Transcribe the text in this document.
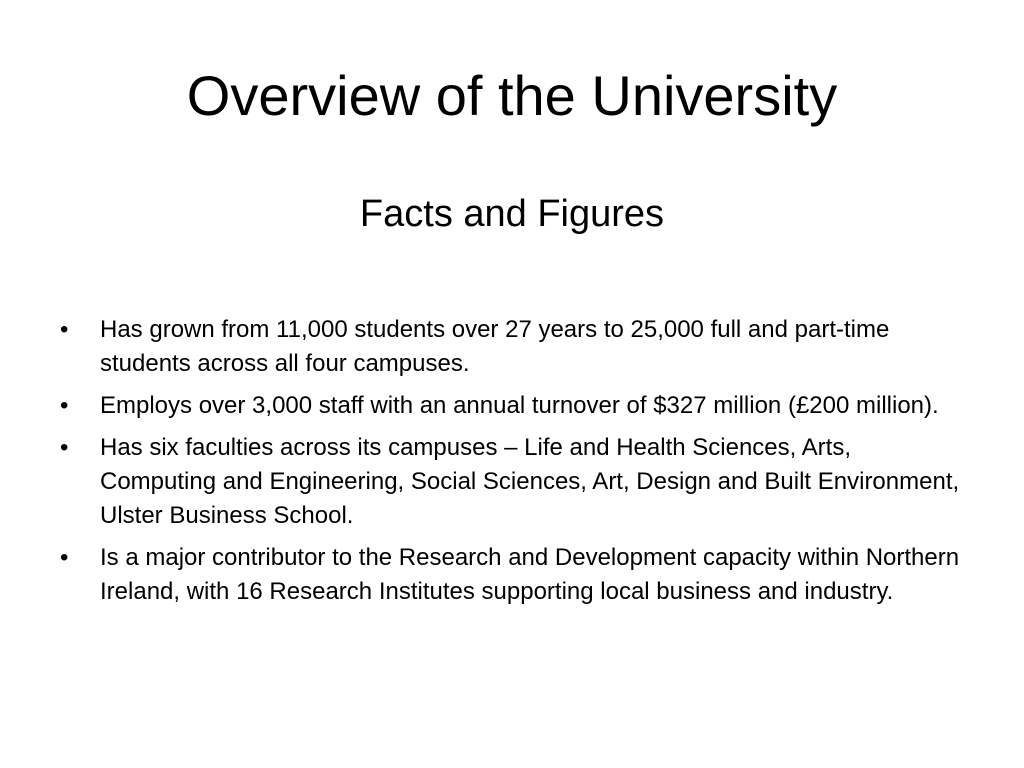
Overview of the University
Facts and Figures
•	Has grown from 11,000 students over 27 years to 25,000 full and part-time students across all four campuses.
•	Employs over 3,000 staff with an annual turnover of $327 million (£200 million).
•	Has six faculties across its campuses – Life and Health Sciences, Arts, Computing and Engineering, Social Sciences, Art, Design and Built Environment, Ulster Business School.
•	Is a major contributor to the Research and Development capacity within Northern Ireland, with 16 Research Institutes supporting local business and industry.
